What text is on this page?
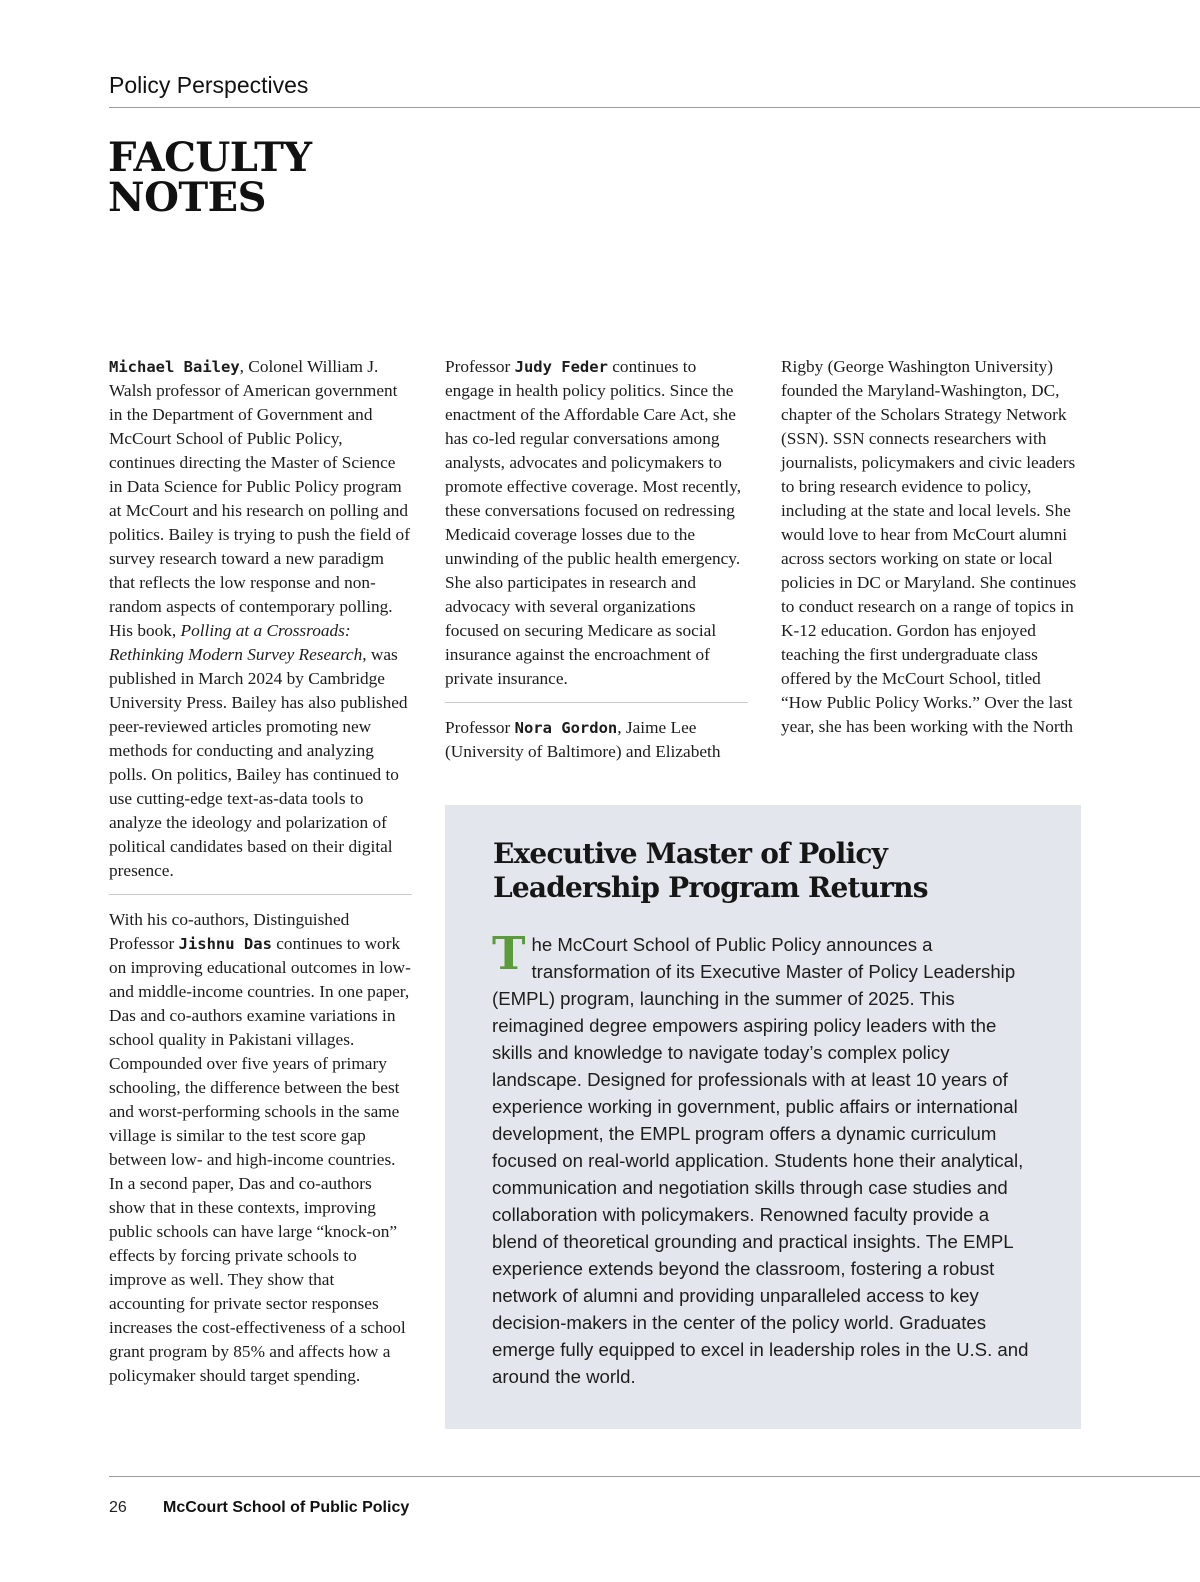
Policy Perspectives
FACULTY
NOTES

Michael Bailey, Colonel William J. Walsh professor of American government in the Department of Government and McCourt School of Public Policy, continues directing the Master of Science in Data Science for Public Policy program at McCourt and his research on polling and politics. Bailey is trying to push the field of survey research toward a new paradigm that reflects the low response and non-random aspects of contemporary polling. His book, Polling at a Crossroads: Rethinking Modern Survey Research, was published in March 2024 by Cambridge University Press. Bailey has also published peer-reviewed articles promoting new methods for conducting and analyzing polls. On politics, Bailey has continued to use cutting-edge text-as-data tools to analyze the ideology and polarization of political candidates based on their digital presence.

With his co-authors, Distinguished Professor Jishnu Das continues to work on improving educational outcomes in low- and middle-income countries. In one paper, Das and co-authors examine variations in school quality in Pakistani villages. Compounded over five years of primary schooling, the difference between the best and worst-performing schools in the same village is similar to the test score gap between low- and high-income countries. In a second paper, Das and co-authors show that in these contexts, improving public schools can have large “knock-on” effects by forcing private schools to improve as well. They show that accounting for private sector responses increases the cost-effectiveness of a school grant program by 85% and affects how a policymaker should target spending.

Professor Judy Feder continues to engage in health policy politics. Since the enactment of the Affordable Care Act, she has co-led regular conversations among analysts, advocates and policymakers to promote effective coverage. Most recently, these conversations focused on redressing Medicaid coverage losses due to the unwinding of the public health emergency. She also participates in research and advocacy with several organizations focused on securing Medicare as social insurance against the encroachment of private insurance.

Professor Nora Gordon, Jaime Lee (University of Baltimore) and Elizabeth

Rigby (George Washington University) founded the Maryland-Washington, DC, chapter of the Scholars Strategy Network (SSN). SSN connects researchers with journalists, policymakers and civic leaders to bring research evidence to policy, including at the state and local levels. She would love to hear from McCourt alumni across sectors working on state or local policies in DC or Maryland. She continues to conduct research on a range of topics in K-12 education. Gordon has enjoyed teaching the first undergraduate class offered by the McCourt School, titled “How Public Policy Works.” Over the last year, she has been working with the North

Executive Master of Policy
Leadership Program Returns

The McCourt School of Public Policy announces a transformation of its Executive Master of Policy Leadership (EMPL) program, launching in the summer of 2025. This reimagined degree empowers aspiring policy leaders with the skills and knowledge to navigate today’s complex policy landscape. Designed for professionals with at least 10 years of experience working in government, public affairs or international development, the EMPL program offers a dynamic curriculum focused on real-world application. Students hone their analytical, communication and negotiation skills through case studies and collaboration with policymakers. Renowned faculty provide a blend of theoretical grounding and practical insights. The EMPL experience extends beyond the classroom, fostering a robust network of alumni and providing unparalleled access to key decision-makers in the center of the policy world. Graduates emerge fully equipped to excel in leadership roles in the U.S. and around the world.

26 McCourt School of Public Policy
